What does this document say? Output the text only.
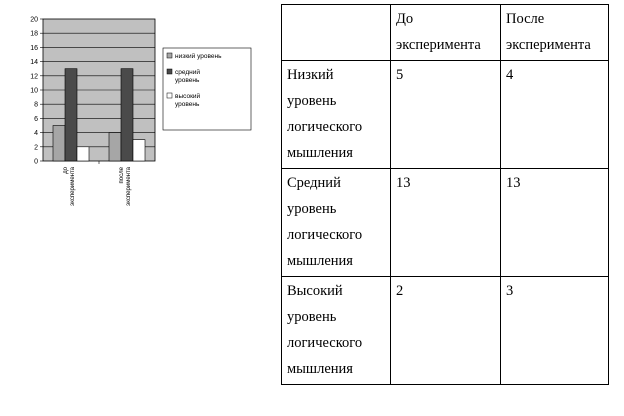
0
2
4
6
8
10
12
14
16
18
20
доэксперимента	послеэксперимента
низкий уровень
средний уровень
высокий уровень

	До эксперимента	После эксперимента

Низкий уровень логического мышления	5	4

Средний уровень логического мышления	13	13

Высокий уровень логического мышления	2	3
